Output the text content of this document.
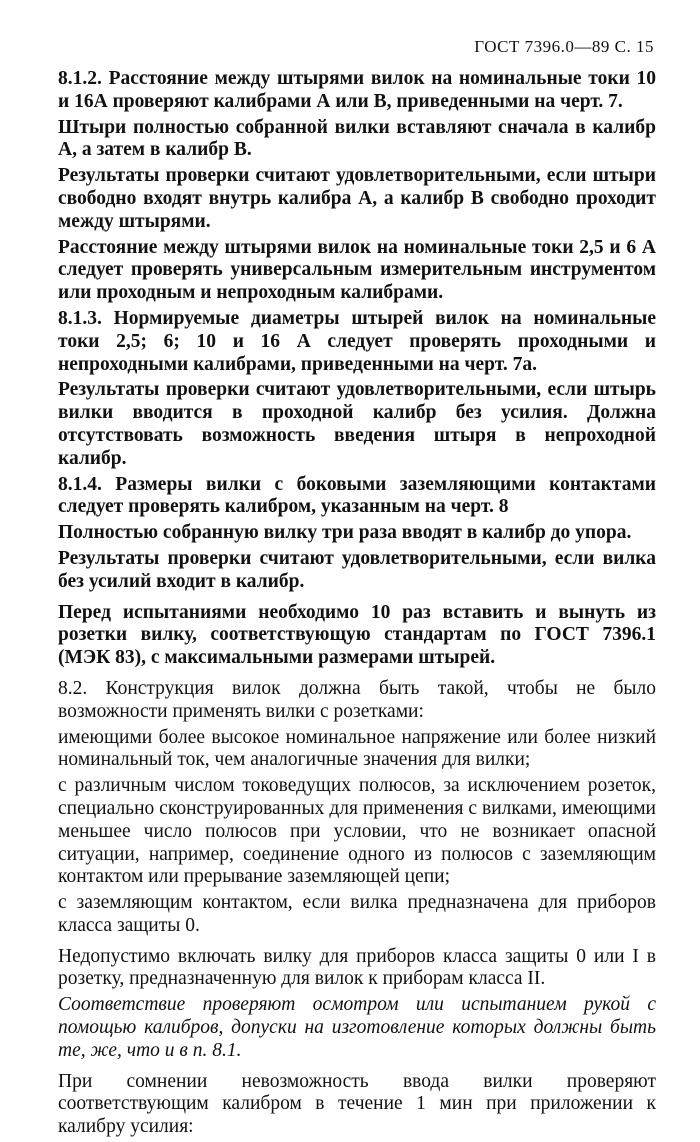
ГОСТ 7396.0—89 С. 15

8.1.2. Расстояние между штырями вилок на номинальные токи 10 и 16А проверяют калибрами А или В, приведенными на черт. 7.

Штыри полностью собранной вилки вставляют сначала в калибр А, а затем в калибр В.

Результаты проверки считают удовлетворительными, если штыри свободно входят внутрь калибра А, а калибр В свободно проходит между штырями.

Расстояние между штырями вилок на номинальные токи 2,5 и 6 А следует проверять универсальным измерительным инструментом или проходным и непроходным калибрами.

8.1.3. Нормируемые диаметры штырей вилок на номинальные токи 2,5; 6; 10 и 16 А следует проверять проходными и непроходными калибрами, приведенными на черт. 7а.

Результаты проверки считают удовлетворительными, если штырь вилки вводится в проходной калибр без усилия. Должна отсутствовать возможность введения штыря в непроходной калибр.

8.1.4. Размеры вилки с боковыми заземляющими контактами следует проверять калибром, указанным на черт. 8

Полностью собранную вилку три раза вводят в калибр до упора.

Результаты проверки считают удовлетворительными, если вилка без усилий входит в калибр.

Перед испытаниями необходимо 10 раз вставить и вынуть из розетки вилку, соответствующую стандартам по ГОСТ 7396.1 (МЭК 83), с максимальными размерами штырей.

8.2. Конструкция вилок должна быть такой, чтобы не было возможности применять вилки с розетками:

имеющими более высокое номинальное напряжение или более низкий номинальный ток, чем аналогичные значения для вилки;

с различным числом токоведущих полюсов, за исключением розеток, специально сконструированных для применения с вилками, имеющими меньшее число полюсов при условии, что не возникает опасной ситуации, например, соединение одного из полюсов с заземляющим контактом или прерывание заземляющей цепи;

с заземляющим контактом, если вилка предназначена для приборов класса защиты 0.

Недопустимо включать вилку для приборов класса защиты 0 или I в розетку, предназначенную для вилок к приборам класса II.

Соответствие проверяют осмотром или испытанием рукой с помощью калибров, допуски на изготовление которых должны быть те, же, что и в п. 8.1.

При сомнении невозможность ввода вилки проверяют соответствующим калибром в течение 1 мин при приложении к калибру усилия:
